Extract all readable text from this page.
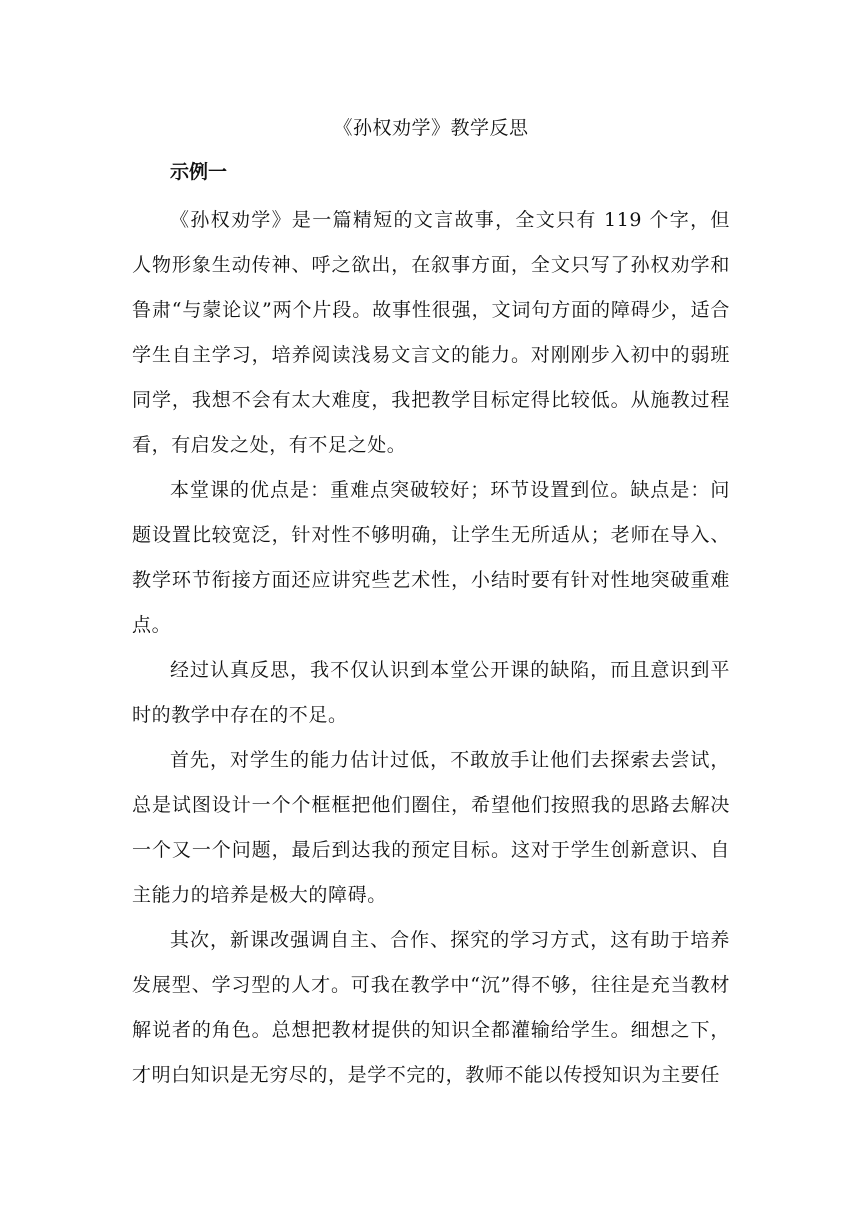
《孙权劝学》教学反思
示例一

《孙权劝学》是一篇精短的文言故事，全文只有 119 个字，但人物形象生动传神、呼之欲出，在叙事方面，全文只写了孙权劝学和鲁肃“与蒙论议”两个片段。故事性很强，文词句方面的障碍少，适合学生自主学习，培养阅读浅易文言文的能力。对刚刚步入初中的弱班同学，我想不会有太大难度，我把教学目标定得比较低。从施教过程看，有启发之处，有不足之处。

本堂课的优点是：重难点突破较好；环节设置到位。缺点是：问题设置比较宽泛，针对性不够明确，让学生无所适从；老师在导入、教学环节衔接方面还应讲究些艺术性，小结时要有针对性地突破重难点。

经过认真反思，我不仅认识到本堂公开课的缺陷，而且意识到平时的教学中存在的不足。

首先，对学生的能力估计过低，不敢放手让他们去探索去尝试，总是试图设计一个个框框把他们圈住，希望他们按照我的思路去解决一个又一个问题，最后到达我的预定目标。这对于学生创新意识、自主能力的培养是极大的障碍。

其次，新课改强调自主、合作、探究的学习方式，这有助于培养发展型、学习型的人才。可我在教学中“沉”得不够，往往是充当教材解说者的角色。总想把教材提供的知识全都灌输给学生。细想之下，才明白知识是无穷尽的，是学不完的，教师不能以传授知识为主要任
